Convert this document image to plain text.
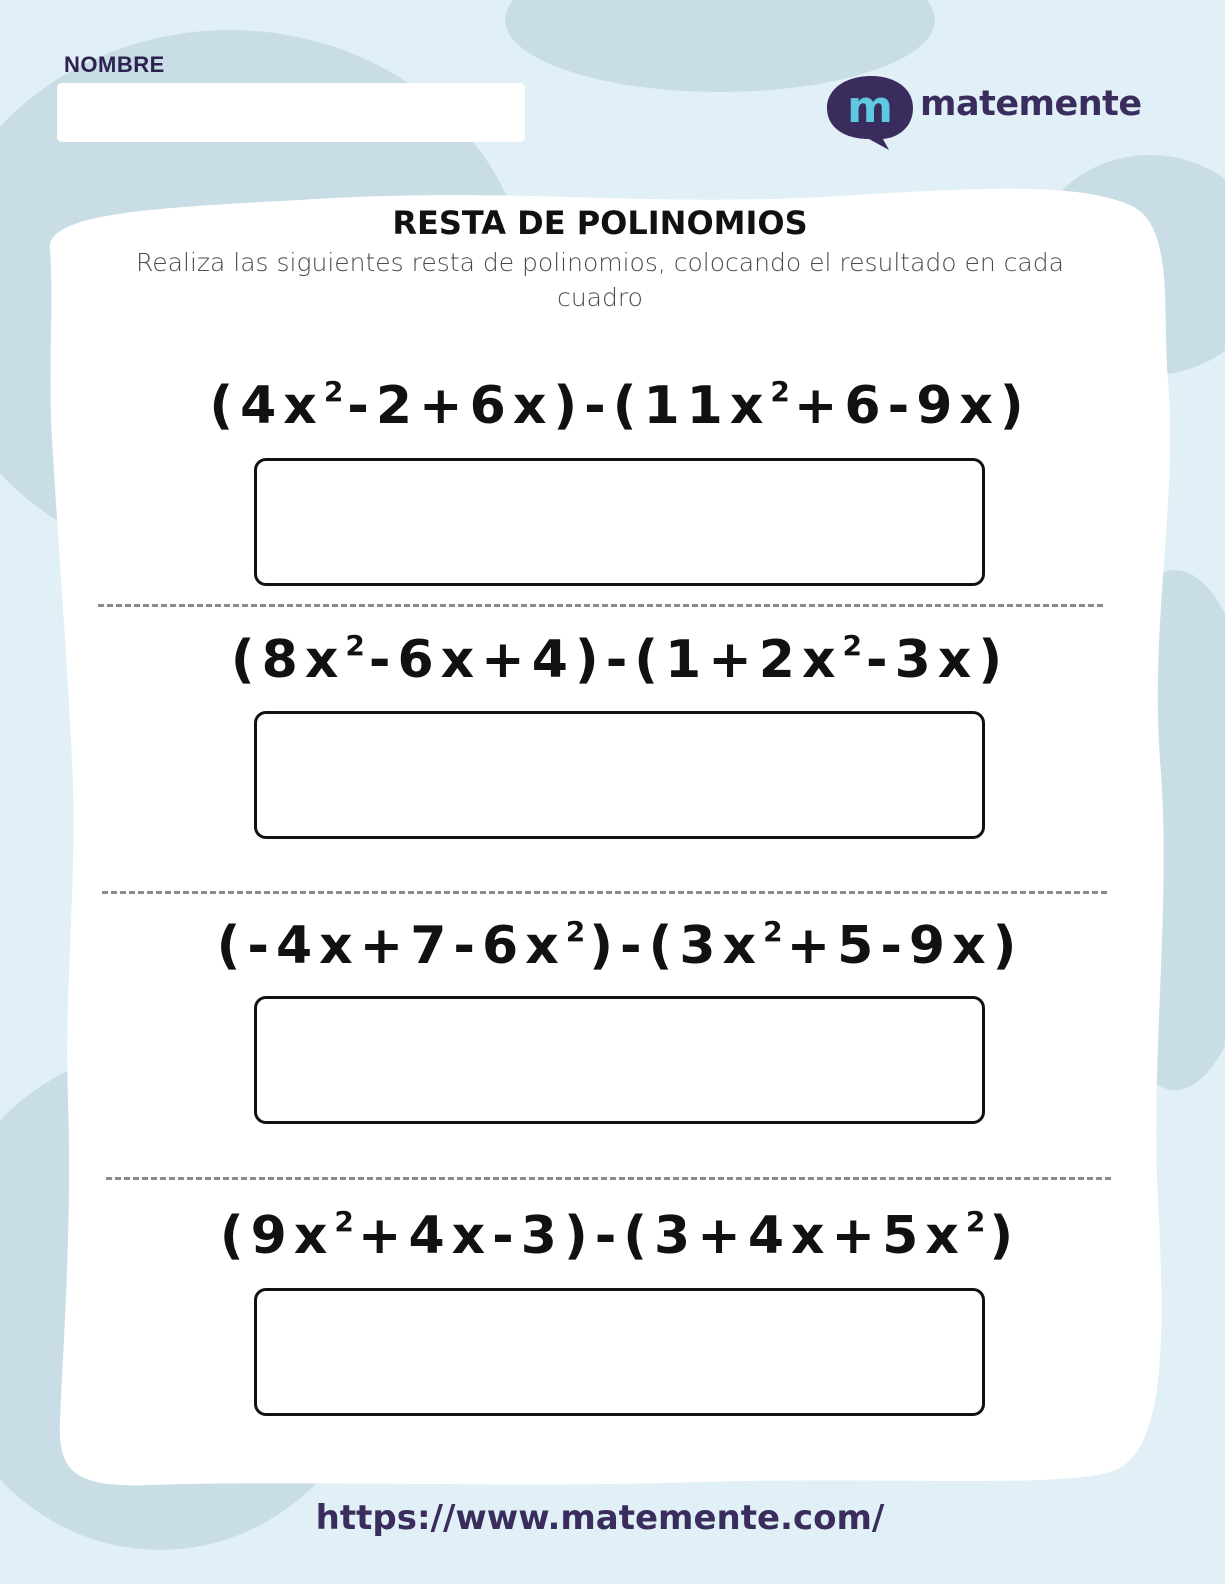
NOMBRE
m matemente
RESTA DE POLINOMIOS
Realiza las siguientes resta de polinomios, colocando el resultado en cada cuadro
$(4x^2-2+6x)-(11x^2+6-9x)$
$(8x^2-6x+4)-(1+2x^2-3x)$
$(-4x+7-6x^2)-(3x^2+5-9x)$
$(9x^2+4x-3)-(3+4x+5x^2)$
https://www.matemente.com/
